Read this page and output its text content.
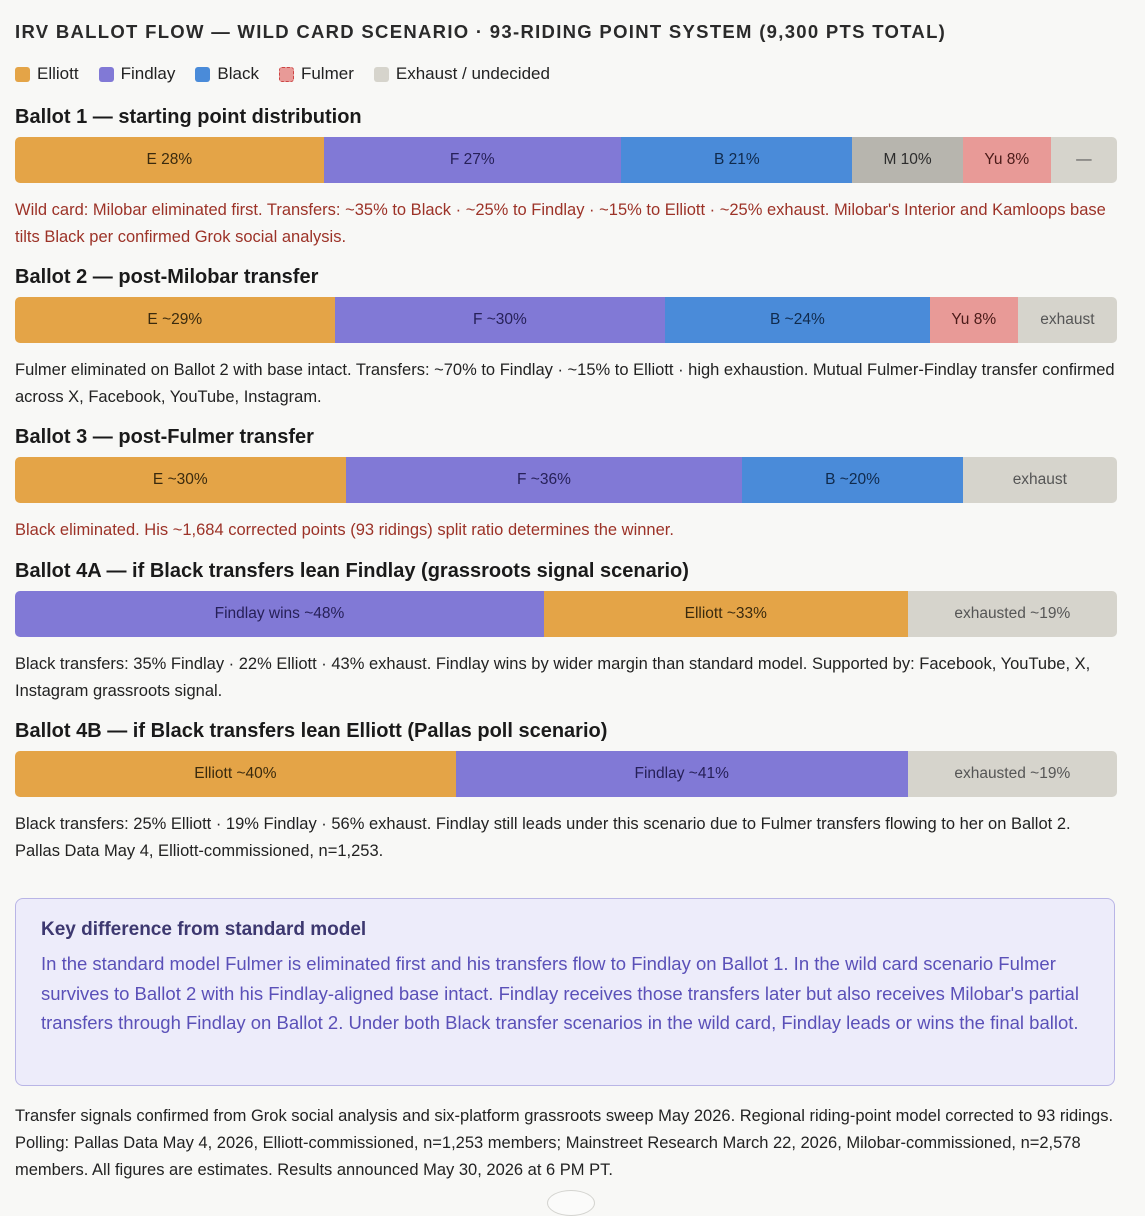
IRV BALLOT FLOW — WILD CARD SCENARIO · 93-RIDING POINT SYSTEM (9,300 PTS TOTAL)
Elliott Findlay Black Fulmer Exhaust / undecided
Ballot 1 — starting point distribution
E 28%	F 27%	B 21%	M 10%	Yu 8%	—
Wild card: Milobar eliminated first. Transfers: ~35% to Black · ~25% to Findlay · ~15% to Elliott · ~25% exhaust. Milobar's Interior and Kamloops base tilts Black per confirmed Grok social analysis.
Ballot 2 — post-Milobar transfer
E ~29%	F ~30%	B ~24%	Yu 8%	exhaust
Fulmer eliminated on Ballot 2 with base intact. Transfers: ~70% to Findlay · ~15% to Elliott · high exhaustion. Mutual Fulmer-Findlay transfer confirmed across X, Facebook, YouTube, Instagram.
Ballot 3 — post-Fulmer transfer
E ~30%	F ~36%	B ~20%	exhaust
Black eliminated. His ~1,684 corrected points (93 ridings) split ratio determines the winner.
Ballot 4A — if Black transfers lean Findlay (grassroots signal scenario)
Findlay wins ~48%	Elliott ~33%	exhausted ~19%
Black transfers: 35% Findlay · 22% Elliott · 43% exhaust. Findlay wins by wider margin than standard model. Supported by: Facebook, YouTube, X, Instagram grassroots signal.
Ballot 4B — if Black transfers lean Elliott (Pallas poll scenario)
Elliott ~40%	Findlay ~41%	exhausted ~19%
Black transfers: 25% Elliott · 19% Findlay · 56% exhaust. Findlay still leads under this scenario due to Fulmer transfers flowing to her on Ballot 2. Pallas Data May 4, Elliott-commissioned, n=1,253.
Key difference from standard model
In the standard model Fulmer is eliminated first and his transfers flow to Findlay on Ballot 1. In the wild card scenario Fulmer survives to Ballot 2 with his Findlay-aligned base intact. Findlay receives those transfers later but also receives Milobar's partial transfers through Findlay on Ballot 2. Under both Black transfer scenarios in the wild card, Findlay leads or wins the final ballot.
Transfer signals confirmed from Grok social analysis and six-platform grassroots sweep May 2026. Regional riding-point model corrected to 93 ridings. Polling: Pallas Data May 4, 2026, Elliott-commissioned, n=1,253 members; Mainstreet Research March 22, 2026, Milobar-commissioned, n=2,578 members. All figures are estimates. Results announced May 30, 2026 at 6 PM PT.
